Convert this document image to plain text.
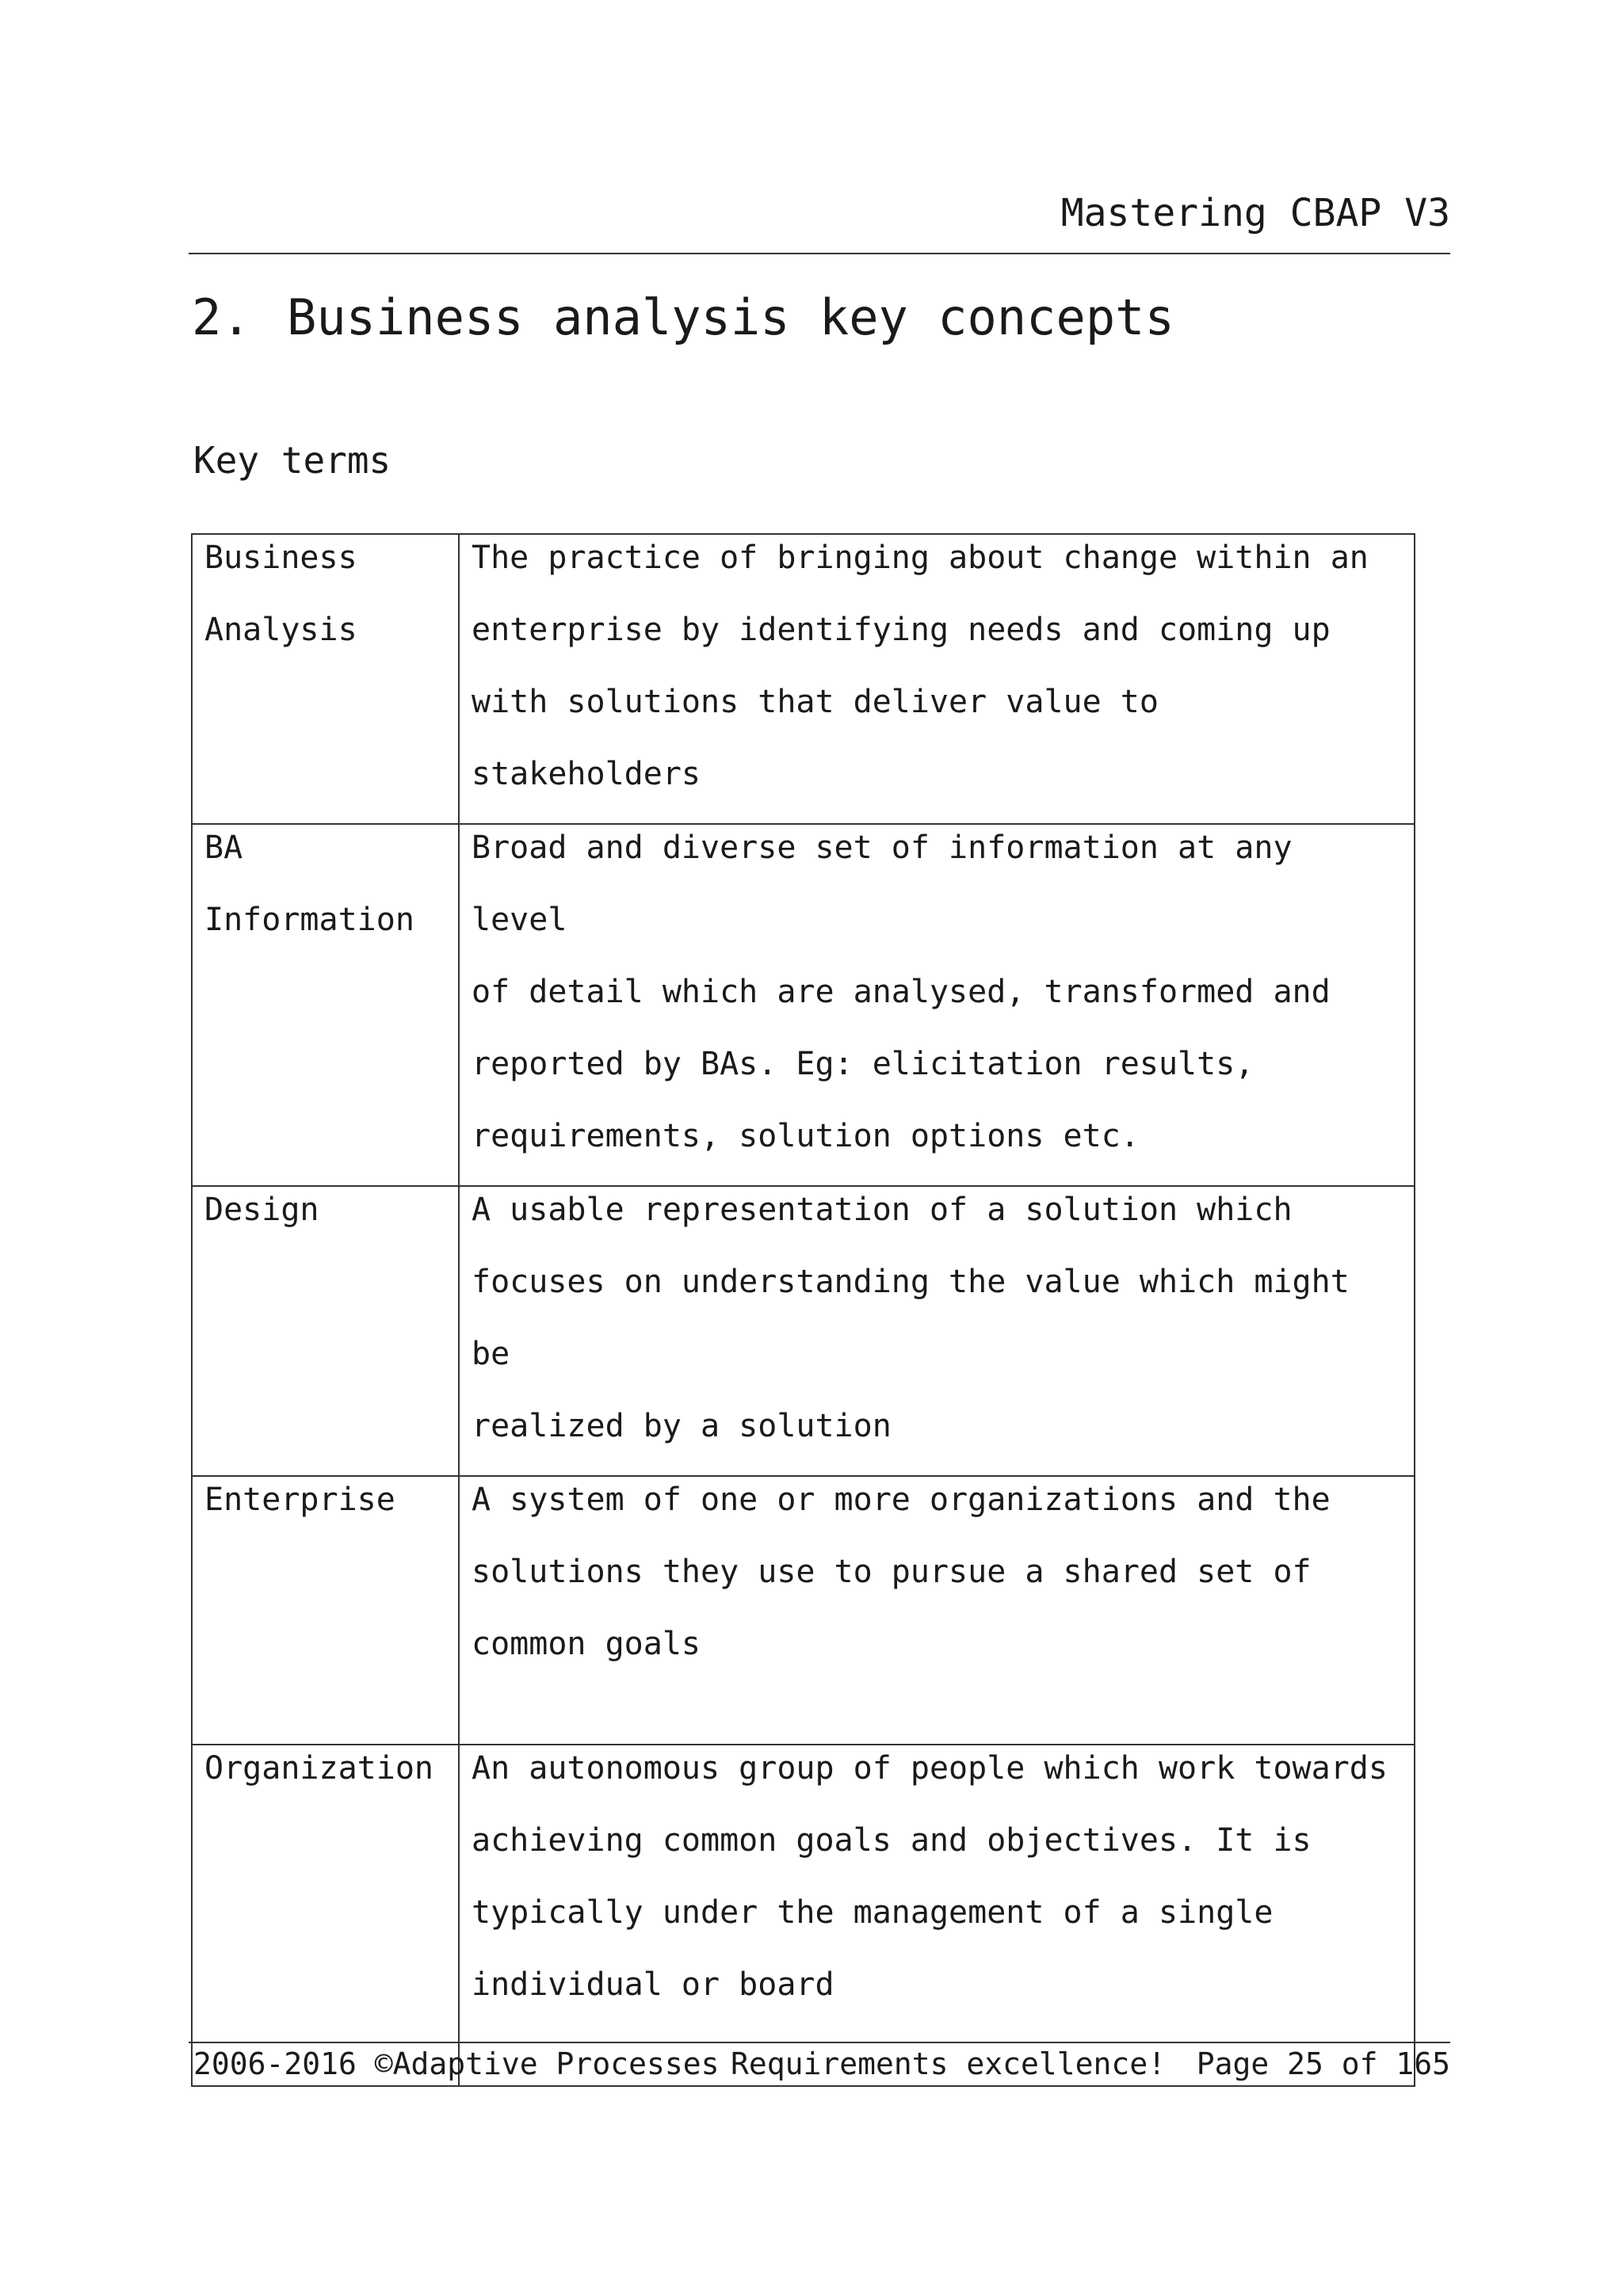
Mastering CBAP V3
2. Business analysis key concepts
Key terms
Business
Analysis	The practice of bringing about change within an
enterprise by identifying needs and coming up
with solutions that deliver value to stakeholders

BA
Information	Broad and diverse set of information at any level
of detail which are analysed, transformed and
reported by BAs. Eg: elicitation results,
requirements, solution options etc.

Design	A usable representation of a solution which
focuses on understanding the value which might be
realized by a solution

Enterprise	A system of one or more organizations and the
solutions they use to pursue a shared set of
common goals

Organization	An autonomous group of people which work towards
achieving common goals and objectives. It is
typically under the management of a single
individual or board
2006-2016 ©Adaptive Processes Requirements excellence! Page 25 of 165
